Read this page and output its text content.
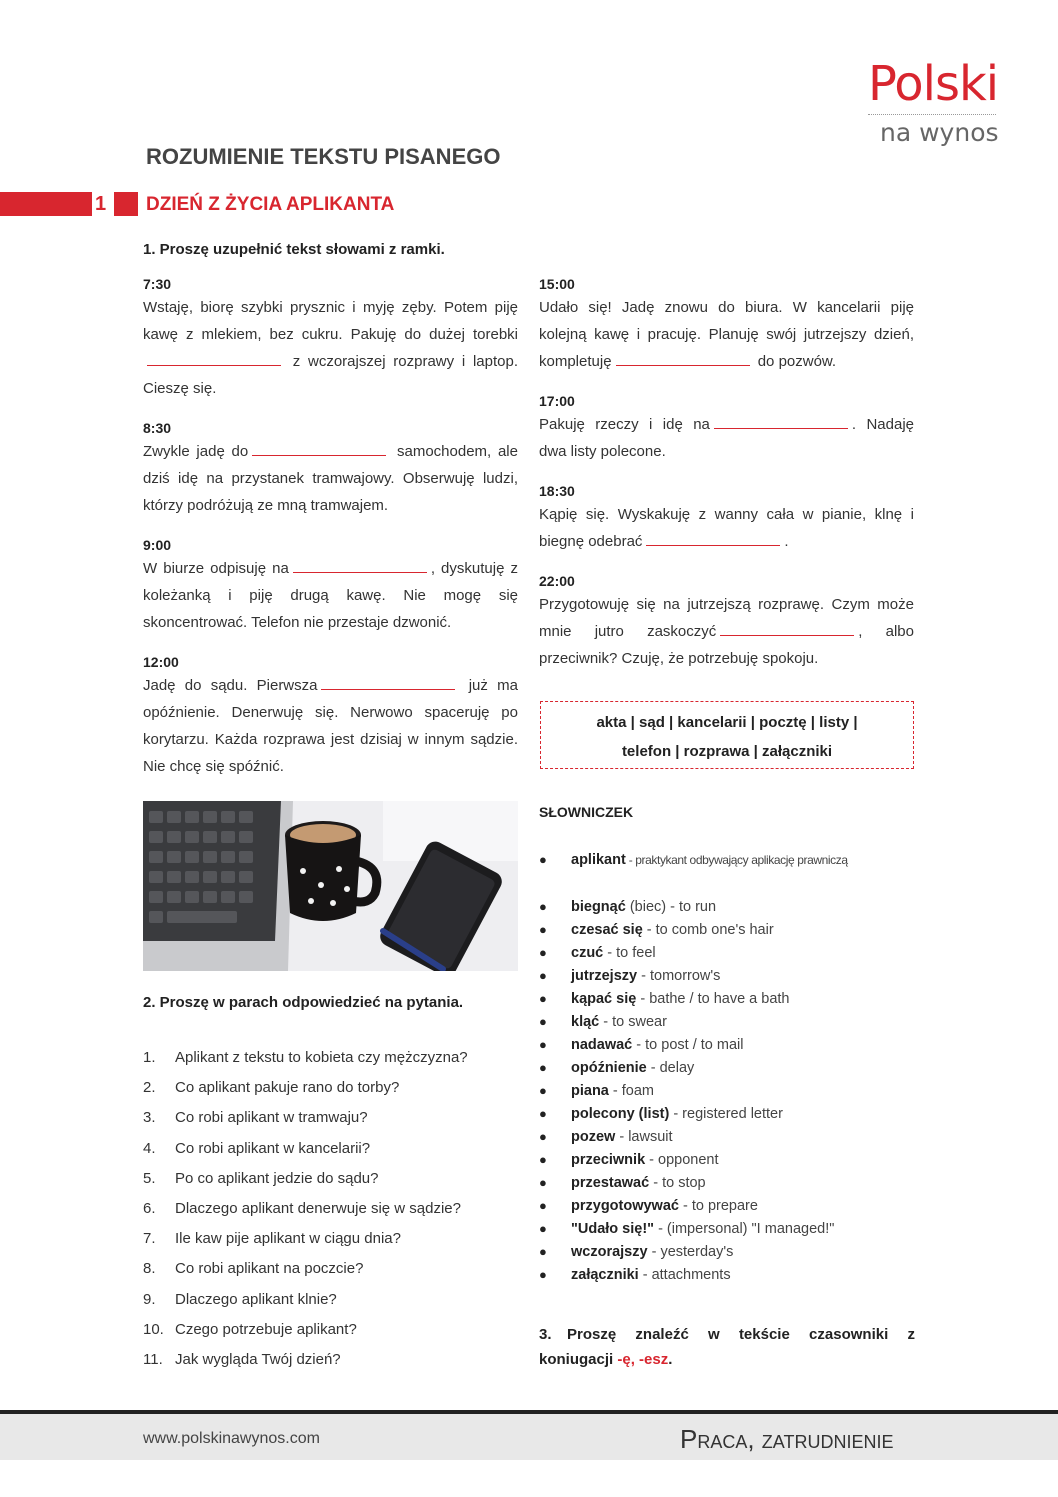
Polski
na wynos
ROZUMIENIE TEKSTU PISANEGO
1 DZIEŃ Z ŻYCIA APLIKANTA
1. Proszę uzupełnić tekst słowami z ramki.
7:30
Wstaję, biorę szybki prysznic i myję zęby. Potem piję kawę z mlekiem, bez cukru. Pakuję do dużej torebki z wczorajszej rozprawy i laptop. Cieszę się.
8:30
Zwykle jadę do	samochodem, ale dziś idę na przystanek tramwajowy. Obserwuję ludzi, którzy podróżują ze mną tramwajem.
9:00
W biurze odpisuję na	, dyskutuję z koleżanką i piję drugą kawę. Nie mogę się skoncentrować. Telefon nie przestaje dzwonić.
12:00
Jadę do sądu. Pierwsza	już ma opóźnienie. Denerwuję się. Nerwowo spaceruję po korytarzu. Każda rozprawa jest dzisiaj w innym sądzie. Nie chcę się spóźnić.
15:00
Udało się! Jadę znowu do biura. W kancelarii piję kolejną kawę i pracuję. Planuję swój jutrzejszy dzień, kompletuję	do pozwów.
17:00
Pakuję rzeczy i idę na	. Nadaję dwa listy polecone.
18:30
Kąpię się. Wyskakuję z wanny cała w pianie, klnę i biegnę odebrać	.
22:00
Przygotowuję się na jutrzejszą rozprawę. Czym może mnie jutro zaskoczyć	, albo przeciwnik? Czuję, że potrzebuję spokoju.
akta | sąd | kancelarii | pocztę | listy |
telefon | rozprawa | załączniki
2. Proszę w parach odpowiedzieć na pytania.
1. Aplikant z tekstu to kobieta czy mężczyzna?
2. Co aplikant pakuje rano do torby?
3. Co robi aplikant w tramwaju?
4. Co robi aplikant w kancelarii?
5. Po co aplikant jedzie do sądu?
6. Dlaczego aplikant denerwuje się w sądzie?
7. Ile kaw pije aplikant w ciągu dnia?
8. Co robi aplikant na poczcie?
9. Dlaczego aplikant klnie?
10. Czego potrzebuje aplikant?
11. Jak wygląda Twój dzień?
SŁOWNICZEK
● aplikant - praktykant odbywający aplikację prawniczą
● biegnąć (biec) - to run
● czesać się - to comb one's hair
● czuć - to feel
● jutrzejszy - tomorrow's
● kąpać się - bathe / to have a bath
● kląć - to swear
● nadawać - to post / to mail
● opóźnienie - delay
● piana - foam
● polecony (list) - registered letter
● pozew - lawsuit
● przeciwnik - opponent
● przestawać - to stop
● przygotowywać - to prepare
● "Udało się!" - (impersonal) "I managed!"
● wczorajszy - yesterday's
● załączniki - attachments
3. Proszę znaleźć w tekście czasowniki z koniugacji -ę, -esz.
www.polskinawynos.com	Praca, zatrudnienie
